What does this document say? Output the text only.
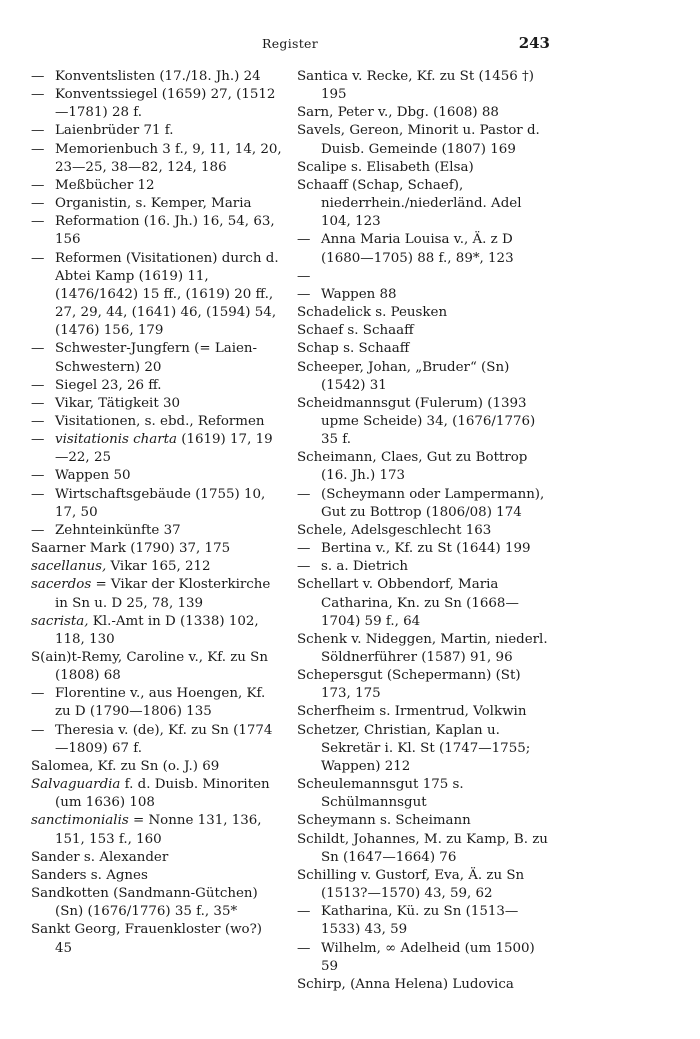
Register	243

— Konventslisten (17./18. Jh.) 24

— Konventssiegel (1659) 27, (1512—1781) 28 f.

— Laienbrüder 71 f.

— Memorienbuch 3 f., 9, 11, 14, 20, 23—25, 38—82, 124, 186

— Meßbücher 12

— Organistin, s. Kemper, Maria

— Reformation (16. Jh.) 16, 54, 63, 156

— Reformen (Visitationen) durch d. Abtei Kamp (1619) 11, (1476/1642) 15 ff., (1619) 20 ff., 27, 29, 44, (1641) 46, (1594) 54, (1476) 156, 179

— Schwester-Jungfern (= Laien-Schwestern) 20

— Siegel 23, 26 ff.

— Vikar, Tätigkeit 30

— Visitationen, s. ebd., Reformen

— visitationis charta (1619) 17, 19—22, 25

— Wappen 50

— Wirtschaftsgebäude (1755) 10, 17, 50

— Zehnteinkünfte 37

Saarner Mark (1790) 37, 175

sacellanus, Vikar 165, 212

sacerdos = Vikar der Klosterkirche in Sn u. D 25, 78, 139

sacrista, Kl.-Amt in D (1338) 102, 118, 130

S(ain)t-Remy, Caroline v., Kf. zu Sn (1808) 68

— Florentine v., aus Hoengen, Kf. zu D (1790—1806) 135

— Theresia v. (de), Kf. zu Sn (1774—1809) 67 f.

Salomea, Kf. zu Sn (o. J.) 69

Salvaguardia f. d. Duisb. Minoriten (um 1636) 108

sanctimonialis = Nonne 131, 136, 151, 153 f., 160

Sander s. Alexander

Sanders s. Agnes

Sandkotten (Sandmann-Gütchen) (Sn) (1676/1776) 35 f., 35*

Sankt Georg, Frauenkloster (wo?) 45

Santica v. Recke, Kf. zu St (1456 †) 195

Sarn, Peter v., Dbg. (1608) 88

Savels, Gereon, Minorit u. Pastor d. Duisb. Gemeinde (1807) 169

Scalipe s. Elisabeth (Elsa)

Schaaff (Schap, Schaef), niederrhein./niederländ. Adel 104, 123

— Anna Maria Louisa v., Ä. z D (1680—1705) 88 f., 89*, 123

— — Wappen 88

Schadelick s. Peusken

Schaef s. Schaaff

Schap s. Schaaff

Scheeper, Johan, „Bruder“ (Sn) (1542) 31

Scheidmannsgut (Fulerum) (1393 upme Scheide) 34, (1676/1776) 35 f.

Scheimann, Claes, Gut zu Bottrop (16. Jh.) 173

— (Scheymann oder Lampermann), Gut zu Bottrop (1806/08) 174

Schele, Adelsgeschlecht 163

— Bertina v., Kf. zu St (1644) 199

— s. a. Dietrich

Schellart v. Obbendorf, Maria Catharina, Kn. zu Sn (1668—1704) 59 f., 64

Schenk v. Nideggen, Martin, niederl. Söldnerführer (1587) 91, 96

Schepersgut (Schepermann) (St) 173, 175

Scherfheim s. Irmentrud, Volkwin

Schetzer, Christian, Kaplan u. Sekretär i. Kl. St (1747—1755; Wappen) 212

Scheulemannsgut 175 s. Schülmannsgut

Scheymann s. Scheimann

Schildt, Johannes, M. zu Kamp, B. zu Sn (1647—1664) 76

Schilling v. Gustorf, Eva, Ä. zu Sn (1513?—1570) 43, 59, 62

— Katharina, Kü. zu Sn (1513—1533) 43, 59

— Wilhelm, ∞ Adelheid (um 1500) 59

Schirp, (Anna Helena) Ludovica
